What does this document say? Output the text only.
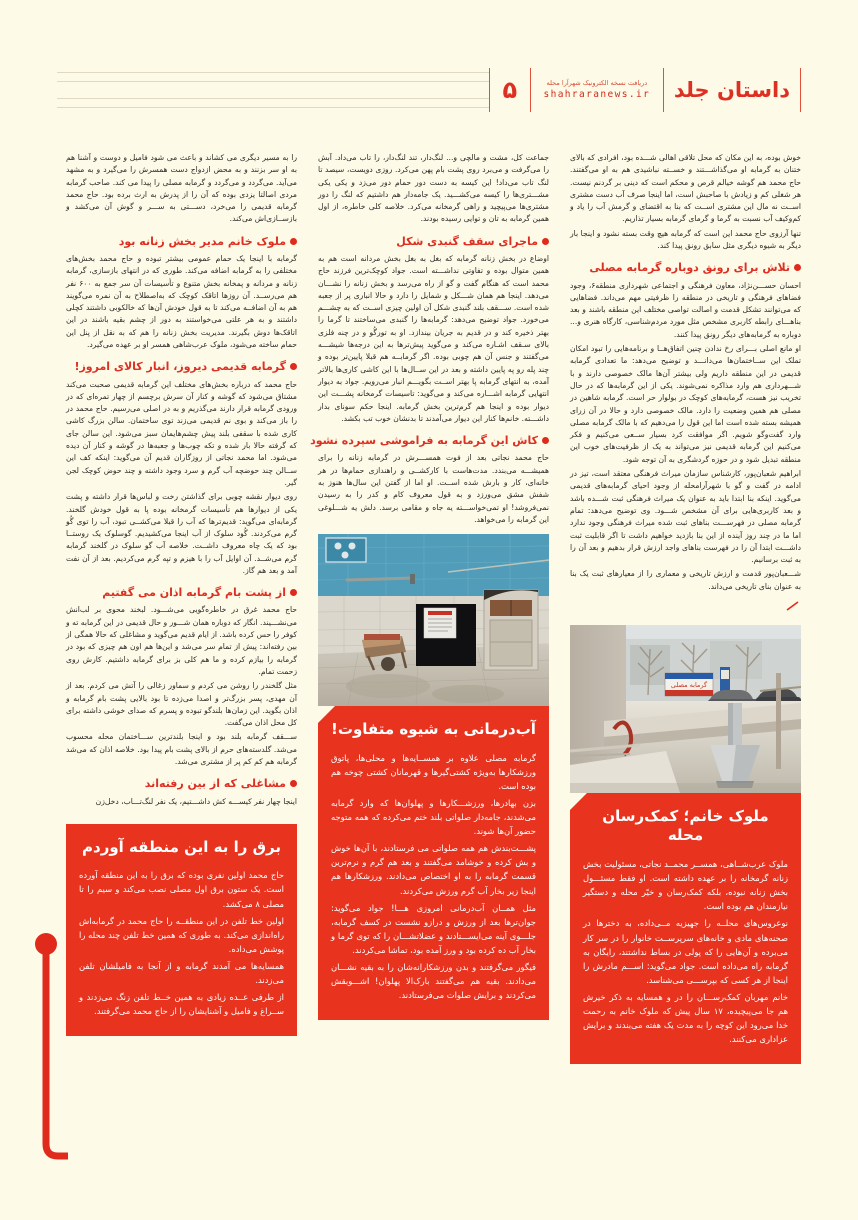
داستان جلد
دریافت نسخه الکترونیک شهرآرا محله
shahraranews.ir
۵

خوش بوده، به این مکان که محل تلاقی اهالی شـــده بود، افرادی که بالای ختنان به گرمابه او می‌گذاشـــتند و خســته نباشیدی هم به او می‌گفتند. حاج محمد هم گوشه خیالم قرص و محکم است که دینی بر گردنم نیست. هر شغلی کم و زیادش با صاحبش است، اما اینجا صرف آب دست مشتری اســت نه مال این مشتری اســت که بنا به اقتضای ‌و گرمش آب را یاد و کم‌وکیف آب نسبت به گرما و گرمای گرمابه بسیار تذاریم.

تنها آرزوی حاج محمد این است که گرمابه هیچ وقت بسته نشود و اینجا بار دیگر به شیوه دیگری مثل سابق رونق پیدا کند.

تلاش برای رونق دوباره گرمابه مصلی

احسان حســـن‌نژاد، معاون فرهنگی و اجتماعی شهرداری منطقه۶، وجود فضاهای فرهنگی و تاریخی در منطقه را ظرفیتی مهم می‌داند. فضاهایی که می‌توانند تشکل قدمت و اصالت تواصی مختلف این منطقه باشند و بعد بناهـــای رابطه کاربری مشخص مثل مورد مردم‌شناسی، کارگاه هنری و... دوباره به گرمابه‌های دیگر رونق پیدا کنند.

او مانع اصلی بـــرای رخ ندادن چنین اتفاق‌هــا و برنامه‌هایی را تبود امکان تملک این ســاختمان‌ها می‌دانـــد و توضیح می‌دهد: ما تعدادی گرمابه قدیمی در این منطقه داریم ولی بیشتر آن‌ها مالک خصوصی دارند و با شـــهرداری هم وارد مذاکره نمی‌شوند. یکی از این گرمابه‌ها که در حال تخریب نیز هست، گرمابه‌های کوچک در بولوار حر است. گرمابه شاهین در مصلی هم همین وضعیت را دارد. مالک خصوصی دارد و حالا در آن زرای همیشه بسته شده است اما این قول را می‌دهیم که با مالک گرمابه مصلی وارد گفت‌وگو شویم. اگر موافقت کرد بسیار ســعی می‌کنیم و فکر می‌کنیم این گرمابه قدیمی نیز می‌تواند به یک از ظرفیت‌های خوب این منطقه تبدیل شود و در حوزه گردشگری به آن توجه شود.

ابراهیم شعبان‌پور، کارشناس سازمان میراث فرهنگی معتقد است، تیز در ادامه در گفت و گو با شهرآرامحله از وجود احیای گرمابه‌های قدیمی می‌گوید. اینکه بنا ابتدا باید به عنوان یک میراث فرهنگی ثبت شـــده باشد و بعد کاربری‌هایی برای آن مشخص شـــود. وی توضیح می‌دهد: تمام گرمابه مصلی در فهرســـت بناهای ثبت شده میراث فرهنگی وجود ندارد اما ما در چند روز آینده از این بنا بازدید خواهیم داشت تا اگر قابلیت ثبت داشـــت ابتدا آن را در فهرست بناهای واجد ارزش قرار بدهیم و بعد آن را به ثبت برسانیم.

شـــعبان‌پور قدمت و ارزش تاریخی و معماری را از معیارهای ثبت یک بنا به عنوان بنای تاریخی می‌داند.

گرمابه مصلی
ملوک خانم؛ کمک‌رسان محله

ملوک عرب‌شــاهی، همســر محمــد نجاتی، مسئولیت بخش زنانه گرمخانه را بر عهده داشته است. او فقط مسئـــول بخش زنانه نبوده، بلکه کمک‌رسان و خیّر محله و دستگیر نیازمندان هم بوده است.

نوعروس‌های محلــه را جهیزیه مــی‌داده، به دخترها در صحنه‌های مادی و خانه‌های سرپرســت خانوار را در سر کار می‌برده و آن‌هایی را که پولی در بساط نداشتند، رایگان به گرمابه راه می‌داده است. جواد می‌گوید: اســـم مادرش را اینجا از هر کسی که بپرســـی می‌شناسد.

خانم مهربان کمک‌رســـان را در و همسایه به ذکر خیرش هم جا می‌پیچیده، ۱۷ سال پیش که ملوک خانم به رحمت خدا می‌رود این کوچه را به مدت یک هفته می‌بندند و برایش عزاداری می‌کنند.

جماعت کل، مشت و مالچی و... لنگ‌دار، تند لنگ‌دار، را تاب می‌داد. آبش را می‌گرفت و می‌برد روی پشت بام پهن می‌کرد. روزی دویست، سیصد تا لنگ تاب می‌داد! این کیسه به دست دور حمام دور می‌زد و یکی یکی مشـــتری‌ها را کیسه می‌کشـــید. یک جامه‌دار هم داشتیم که لنگ را دور مشتری‌ها می‌پیچید و راهی گرمخانه می‌کرد. خلاصه کلی خاطره، از اول همین گرمابه به تان و توایی رسیده بودند.

ماجرای سقف گنبدی شکل

اوضاع در بخش زنانه گرمابه که بغل به بغل بخش مردانه است هم به همین متوال بوده و تفاوتی نداشـــته است. جواد کوچک‌ترین فرزند حاج محمد است که هنگام گفت و گو از راه می‌رسد و بخش زنانه را نشـــان می‌دهد. اینجا هم همان شـــکل و شمایل را دارد و حالا انباری پر از جعبه شده است. ســـقف بلند گنبدی شکل آن اولین چیزی اســت که به چشـــم می‌خورد. جواد توضیح می‌دهد: گرمابه‌ها را گنبدی می‌ساختند تا گرما را بهتر ذخیره کند و در قدیم به جریان بیندازد. او به تورگُو و در چنه فلزی بالای سـقف اشـاره می‌کند و می‌گوید پیش‌ترها به این درجه‌ها شیشـــه می‌گفتند و جنس آن هم چوبی بوده. اگر گرمابــه هم قبلا پایین‌تر بوده و چند پله رو په پایین داشته و بعد در این ســال‌ها با این کاشی کاری‌ها بالاتر آمده، به انتهای گرمابه پا بهتر اســت بگویـــم انبار می‌رویم. جواد به دیوار انتهایی گرمابه اشـــاره می‌کند و می‌گوید: تاسیسات گرمخانه پشـــت این دیوار بوده و اینجا هم گرم‌ترین بخش گرمابه. اینجا حکم سونای بدار داشـــته. خانم‌ها کنار این دیوار می‌آمدند تا بدنشان خوب تب بکشد.

کاش این گرمابه به فراموشی سپرده نشود

حاج محمد نجاتی بعد از فوت همســـرش در گرمابه زنانه را برای همیشـــه می‌بندد. مدت‌هاست با کارکشــی و راهندازی حمام‌ها در هر خانه‌ای، کار و بارش شده اســت. او اما از گفتن این سال‌ها هنوز به شفش مشق می‌ورزد و به قول معروف کام و کدر را به رسیدن نمی‌فروشد! او تمی‌خواســـته یه جاه و مقامی برسد. دلش یه شـــلوغی این گرمابه را می‌خواهد.

آب‌درمانی به شیوه متفاوت!

گرمابه مصلی علاوه بر همســایه‌ها و محلی‌ها، پاتوق ورزشکارها به‌ویژه کشتی‌گیرها و قهرمانان کشتی چوخه هم بوده است.

بزن بهادرها، ورزشـــکارها و پهلوان‌ها که وارد گرمابه می‌شدند، جامه‌دار صلواتی بلند ختم می‌کرده که همه متوجه حضور آن‌ها شوند.

پشـــت‌بندش هم همه صلواتی می فرستادند، با آن‌ها خوش و بش کرده و خوشامد می‌گفتند و بعد هم گرم و نرم‌ترین قسمت گرمابه را به او اختصاص می‌دادند. ورزشکارها هم اینجا زیر بخار آب گرم ورزش می‌کردند.

مثل همــان آب‌درمانی امروزی هـــا! جواد می‌گوید: جوان‌ترها بعد از ورزش و درازو نشست در کسف گرمابه، جلـــوی آینه می‌ایســـتادند و عضلاتشـــان را که توی گرما و بخار آب ده کرده بود و ورز آمده بود، تماشا می‌کردند.

فیگور می‌گرفتند و بدن ورزشکارانه‌شان را به بقیه نشـــان می‌دادند. بقیه هم می‌گفتند بارک‌الا پهلوان! اشـــوبقش می‌کردند و برایش صلوات می‌فرستادند.

را به مسیر دیگری می کشاند و باعث می شود فامیل و دوست و آشنا هم به او سر بزنند و به محض ازدواج دست همسرش را می‌گیرد و به مشهد می‌آید. می‌گردد و می‌گردد و گرمابه مصلی را پیدا می کند. صاحب گرمابه مردی اصالتا یزدی بوده که آن را از پدرش به ارث برده بود. حاج محمد گرمابه قدیمی را می‌خرد، دســـتی به ســـر و گوش آن می‌کشد و بازســازی‌اش می‌کند.

ملوک خانم مدیر بخش زنانه بود

گرمابه با اینجا یک حمام عمومی بیشتر تبوده و حاج محمد بخش‌های مختلفی را به گرمابه اضافه می‌کند. طوری که در انتهای بازسازی، گرمابه زنانه و مردانه و پمخانه بخش متنوع و تأسیسات آن سر جمع به ۶۰۰ نفر هم می‌رســد. آن روزها اتاقک کوچک که به‌اصطلاح به آن نمره می‌گویند هم به آن اضافــه می‌کند تا به قول خودش آن‌ها که خالکوبی داشتند کچلی داشتند و به هر علتی می‌خواستند به دور از چشم بقیه باشند در این اتاقک‌ها دوش بگیرند. مدیریت بخش زنانه را هم که به نقل از پنل این حمام ساخته می‌شود، ملوک عرب‌شاهی همسر او بر عهده می‌گیرد.

گرمابه قدیمی دیروز، انبار کالای امروز!

حاج محمد که درباره بخش‌های مختلف این گرمابه قدیمی صحبت می‌کند مشتاق می‌شود که گوشه و کنار آن سرش برچسم از چهار تمره‌ای که در ورودی گرمابه قرار دارند می‌گذریم و به در اصلی می‌رسیم. حاج محمد در را باز می‌کند و بوی نم قدیمی می‌زند توی ساختمان. سالن بزرگ کاشی کاری شده با سقفی بلند پیش چشم‌هایمان سبز می‌شود. این سالن جای که گرفته حالا بار شده و تکه چوب‌ها و جعبه‌ها در گوشه و کنار آن دیده می‌شود. اما محمد نجاتی از روزگاران قدیم آن می‌گوید: اینکه کف این ســالن چند حوضچه آب گرم و سرد وجود داشته و چند حوض کوچک لجن گیر.

روی دیوار نقشه چوبی برای گذاشتن رخت و لباس‌ها قرار داشته و پشت یکی از دیوارها هم تأسیسات گرمخانه بوده پا به قول خودش گلخند. گرمابه‌ای می‌گوید: قدیم‌ترها که آب را قبلا می‌کشــی تبود، آب را توی گُو گرم می‌کردند. گُود سلوک از آب اینجا می‌کشیدیم. گوسلوک یک روستــا بود که یک چاه معروف داشــت. خلاصه آب گو سلوک در گلخند گرمابه گرم می‌شــد. آن اوایل آب را با هیزم و تپه گرم می‌کردیم. بعد از آن نفت آمد و بعد هم گاز.

از پشت بام گرمابه اذان می گفتیم

حاج محمد غرق در خاطره‌گویی می‌شـــود. لبخند محوی بر لب‌انش می‌نشـــیند. انگار که دوباره همان شـــور و حال قدیمی در این گرمابه ته و کوفر را حس کرده باشد. از ایام قدیم می‌گوید و مشاغلی که حالا همگی از بین رفته‌اند: پیش از تمام سر می‌شد و این‌ها هم اون هم چیزی که بود در گرمابه را بیازم کرده و ما هم کلی بز برای گرمابه داشتیم. کارش روی زحمت تمام.

مثل گلخندر را روشن می کردم و سماور زغالی را آتش می کردم. بعد از آن مهدی، پسر بزرگ‌تر و اصدا می‌زده تا بود بالایی پشت بام گرمابه و اذان بگوید. این زمان‌ها بلندگو تبوده و پسرم که صدای خوشی داشته برای کل محل اذان می‌گفت.

ســـقف گرمابه بلند بود و اینجا بلندترین ســـاختمان محله محسوب می‌شد. گلدسته‌های حرم از بالای پشت بام پیدا بود. خلاصه اذان که می‌شد گرمابه هم کم کم پر از مشتری می‌شد.

مشاغلی که از بین رفته‌اند

اینجا چهار نفر کیســـه کش داشـــتیم، یک نفر لنگ‌تـــاب، دخل‌زن

برق را به این منطقه آوردم

حاج محمد اولین نفری بوده که برق را به این منطقه آورده است. یک ستون برق اول مصلی نصب می‌کند و سیم را تا مصلی ۸ می‌کشد.

اولین خط تلفن در این منطقــه را حاج محمد در گرمابه‌اش راه‌اندازی می‌کند. به طوری که همین خط تلفن چند محله را پوشش می‌داده.

همسایه‌ها می آمدند گرمابه و از آنجا به فامیلشان تلفن می‌زدند.

از طرفی عــده زیادی به همین خــط تلفن زنگ می‌زدند و ســراغ و فامیل و آشنایشان را از حاج محمد می‌گرفتند.
